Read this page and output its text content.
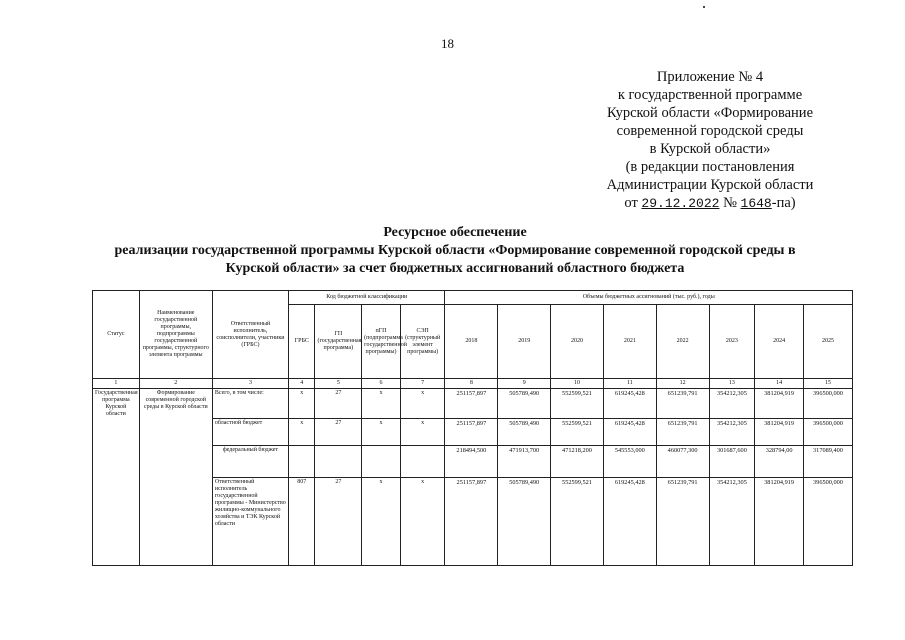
18
Приложение № 4
к государственной программе
Курской области «Формирование
современной городской среды
в Курской области»
(в редакции постановления
Администрации Курской области
от 29.12.2022 № 1648-па)
Ресурсное обеспечение
реализации государственной программы Курской области «Формирование современной городской среды в
Курской области» за счет бюджетных ассигнований областного бюджета
Статус	Наименование государственной программы, подпрограммы государственной программы, структурного элемента программы	Ответственный исполнитель, соисполнители, участники (ГРБС)	Код бюджетной классификации				Объемы бюджетных ассигнований (тыс. руб.), годы							
			ГРБС	ГП (государственная программа)	пГП (подпрограмма государственной программы)	СЭП (структурный элемент программы)	2018	2019	2020	2021	2022	2023	2024	2025
1	2	3	4	5	6	7	8	9	10	11	12	13	14	15
Государственная программа Курской области	Формирование современной городской среды в Курской области	Всего, в том числе:	x	27	x	x	251157,897	505789,490	552599,521	619245,428	651239,791	354212,305	381204,919	396500,000
		областной бюджет	x	27	x	x	251157,897	505789,490	552599,521	619245,428	651239,791	354212,305	381204,919	396500,000
		федеральный бюджет					218494,500	471913,700	471218,200	545553,000	460077,300	301687,600	328794,00	317089,400
		Ответственный исполнитель государственной программы - Министерство жилищно-коммунального хозяйства и ТЭК Курской области	807	27	x	x	251157,897	505789,490	552599,521	619245,428	651239,791	354212,305	381204,919	396500,000
